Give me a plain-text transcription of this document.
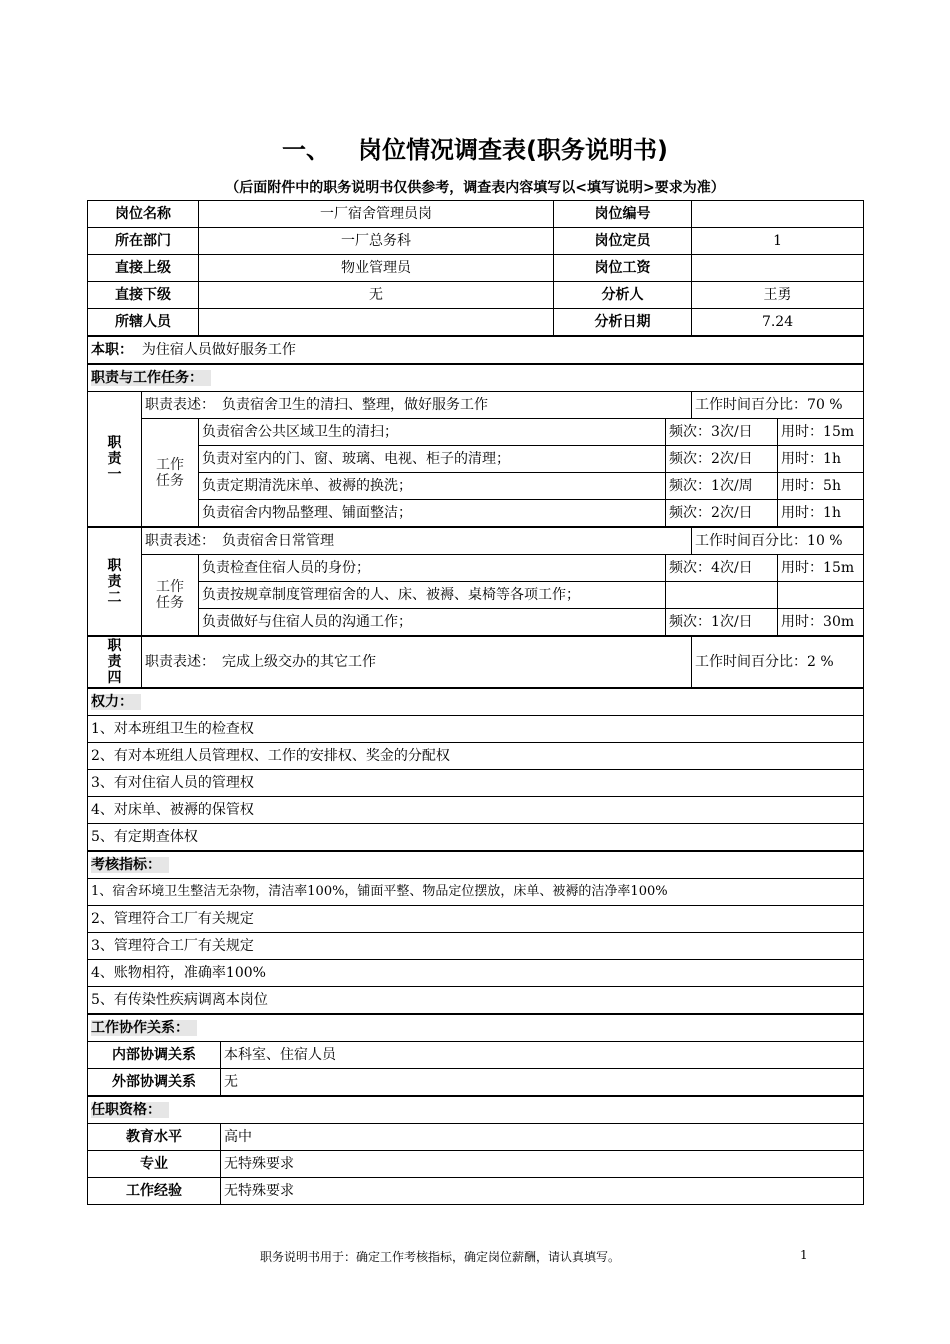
一、 岗位情况调查表(职务说明书)
（后面附件中的职务说明书仅供参考，调查表内容填写以<填写说明>要求为准）
岗位名称		一厂宿舍管理员岗		岗位编号			
所在部门		一厂总务科		岗位定员		1	
直接上级		物业管理员		岗位工资			
直接下级		无		分析人		王勇	
所辖人员				分析日期		7.24	
本职： 为住宿人员做好服务工作							
职责与工作任务：							
职责一	职责表述：　负责宿舍卫生的清扫、整理，做好服务工作					工作时间百分比：70 %	
	工作任务	负责宿舍公共区域卫生的清扫；			频次：3次/日		用时：15m
		负责对室内的门、窗、玻璃、电视、柜子的清理；			频次：2次/日		用时：1h
		负责定期清洗床单、被褥的换洗；			频次：1次/周		用时：5h
		负责宿舍内物品整理、铺面整洁；			频次：2次/日		用时：1h
职责二	职责表述：　负责宿舍日常管理					工作时间百分比：10 %	
	工作任务	负责检查住宿人员的身份；			频次：4次/日		用时：15m
		负责按规章制度管理宿舍的人、床、被褥、桌椅等各项工作；					
		负责做好与住宿人员的沟通工作；			频次：1次/日		用时：30m
职责四	职责表述：　完成上级交办的其它工作					工作时间百分比：2 %	
权力：							
1、对本班组卫生的检查权							
2、有对本班组人员管理权、工作的安排权、奖金的分配权							
3、有对住宿人员的管理权							
4、对床单、被褥的保管权							
5、有定期查体权							
考核指标：							
1、宿舍环境卫生整洁无杂物，清洁率100%，铺面平整、物品定位摆放，床单、被褥的洁净率100%							
2、管理符合工厂有关规定							
3、管理符合工厂有关规定							
4、账物相符，准确率100%							
5、有传染性疾病调离本岗位							
工作协作关系：							
内部协调关系			本科室、住宿人员				
外部协调关系			无				
任职资格：							
教育水平			高中				
专业			无特殊要求				
工作经验			无特殊要求				
职务说明书用于：确定工作考核指标，确定岗位薪酬，请认真填写。	1
